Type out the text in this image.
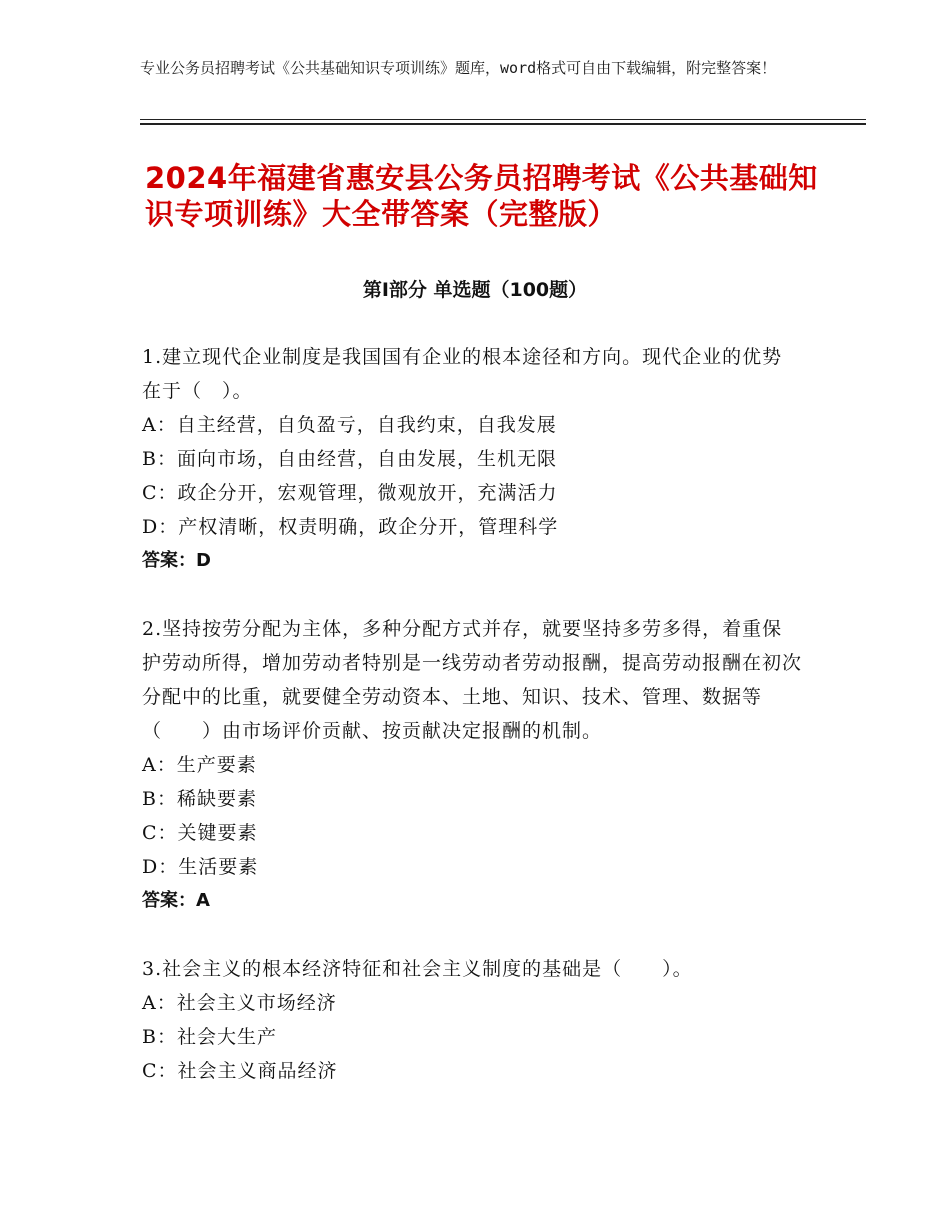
专业公务员招聘考试《公共基础知识专项训练》题库，word格式可自由下载编辑，附完整答案！
2024年福建省惠安县公务员招聘考试《公共基础知识专项训练》大全带答案（完整版）
第Ⅰ部分 单选题（100题）
1.建立现代企业制度是我国国有企业的根本途径和方向。现代企业的优势在于（　）。
A：自主经营，自负盈亏，自我约束，自我发展
B：面向市场，自由经营，自由发展，生机无限
C：政企分开，宏观管理，微观放开，充满活力
D：产权清晰，权责明确，政企分开，管理科学
答案：D
2.坚持按劳分配为主体，多种分配方式并存，就要坚持多劳多得，着重保护劳动所得，增加劳动者特别是一线劳动者劳动报酬，提高劳动报酬在初次分配中的比重，就要健全劳动资本、土地、知识、技术、管理、数据等（　　）由市场评价贡献、按贡献决定报酬的机制。
A：生产要素
B：稀缺要素
C：关键要素
D：生活要素
答案：A
3.社会主义的根本经济特征和社会主义制度的基础是（　　）。
A：社会主义市场经济
B：社会大生产
C：社会主义商品经济
